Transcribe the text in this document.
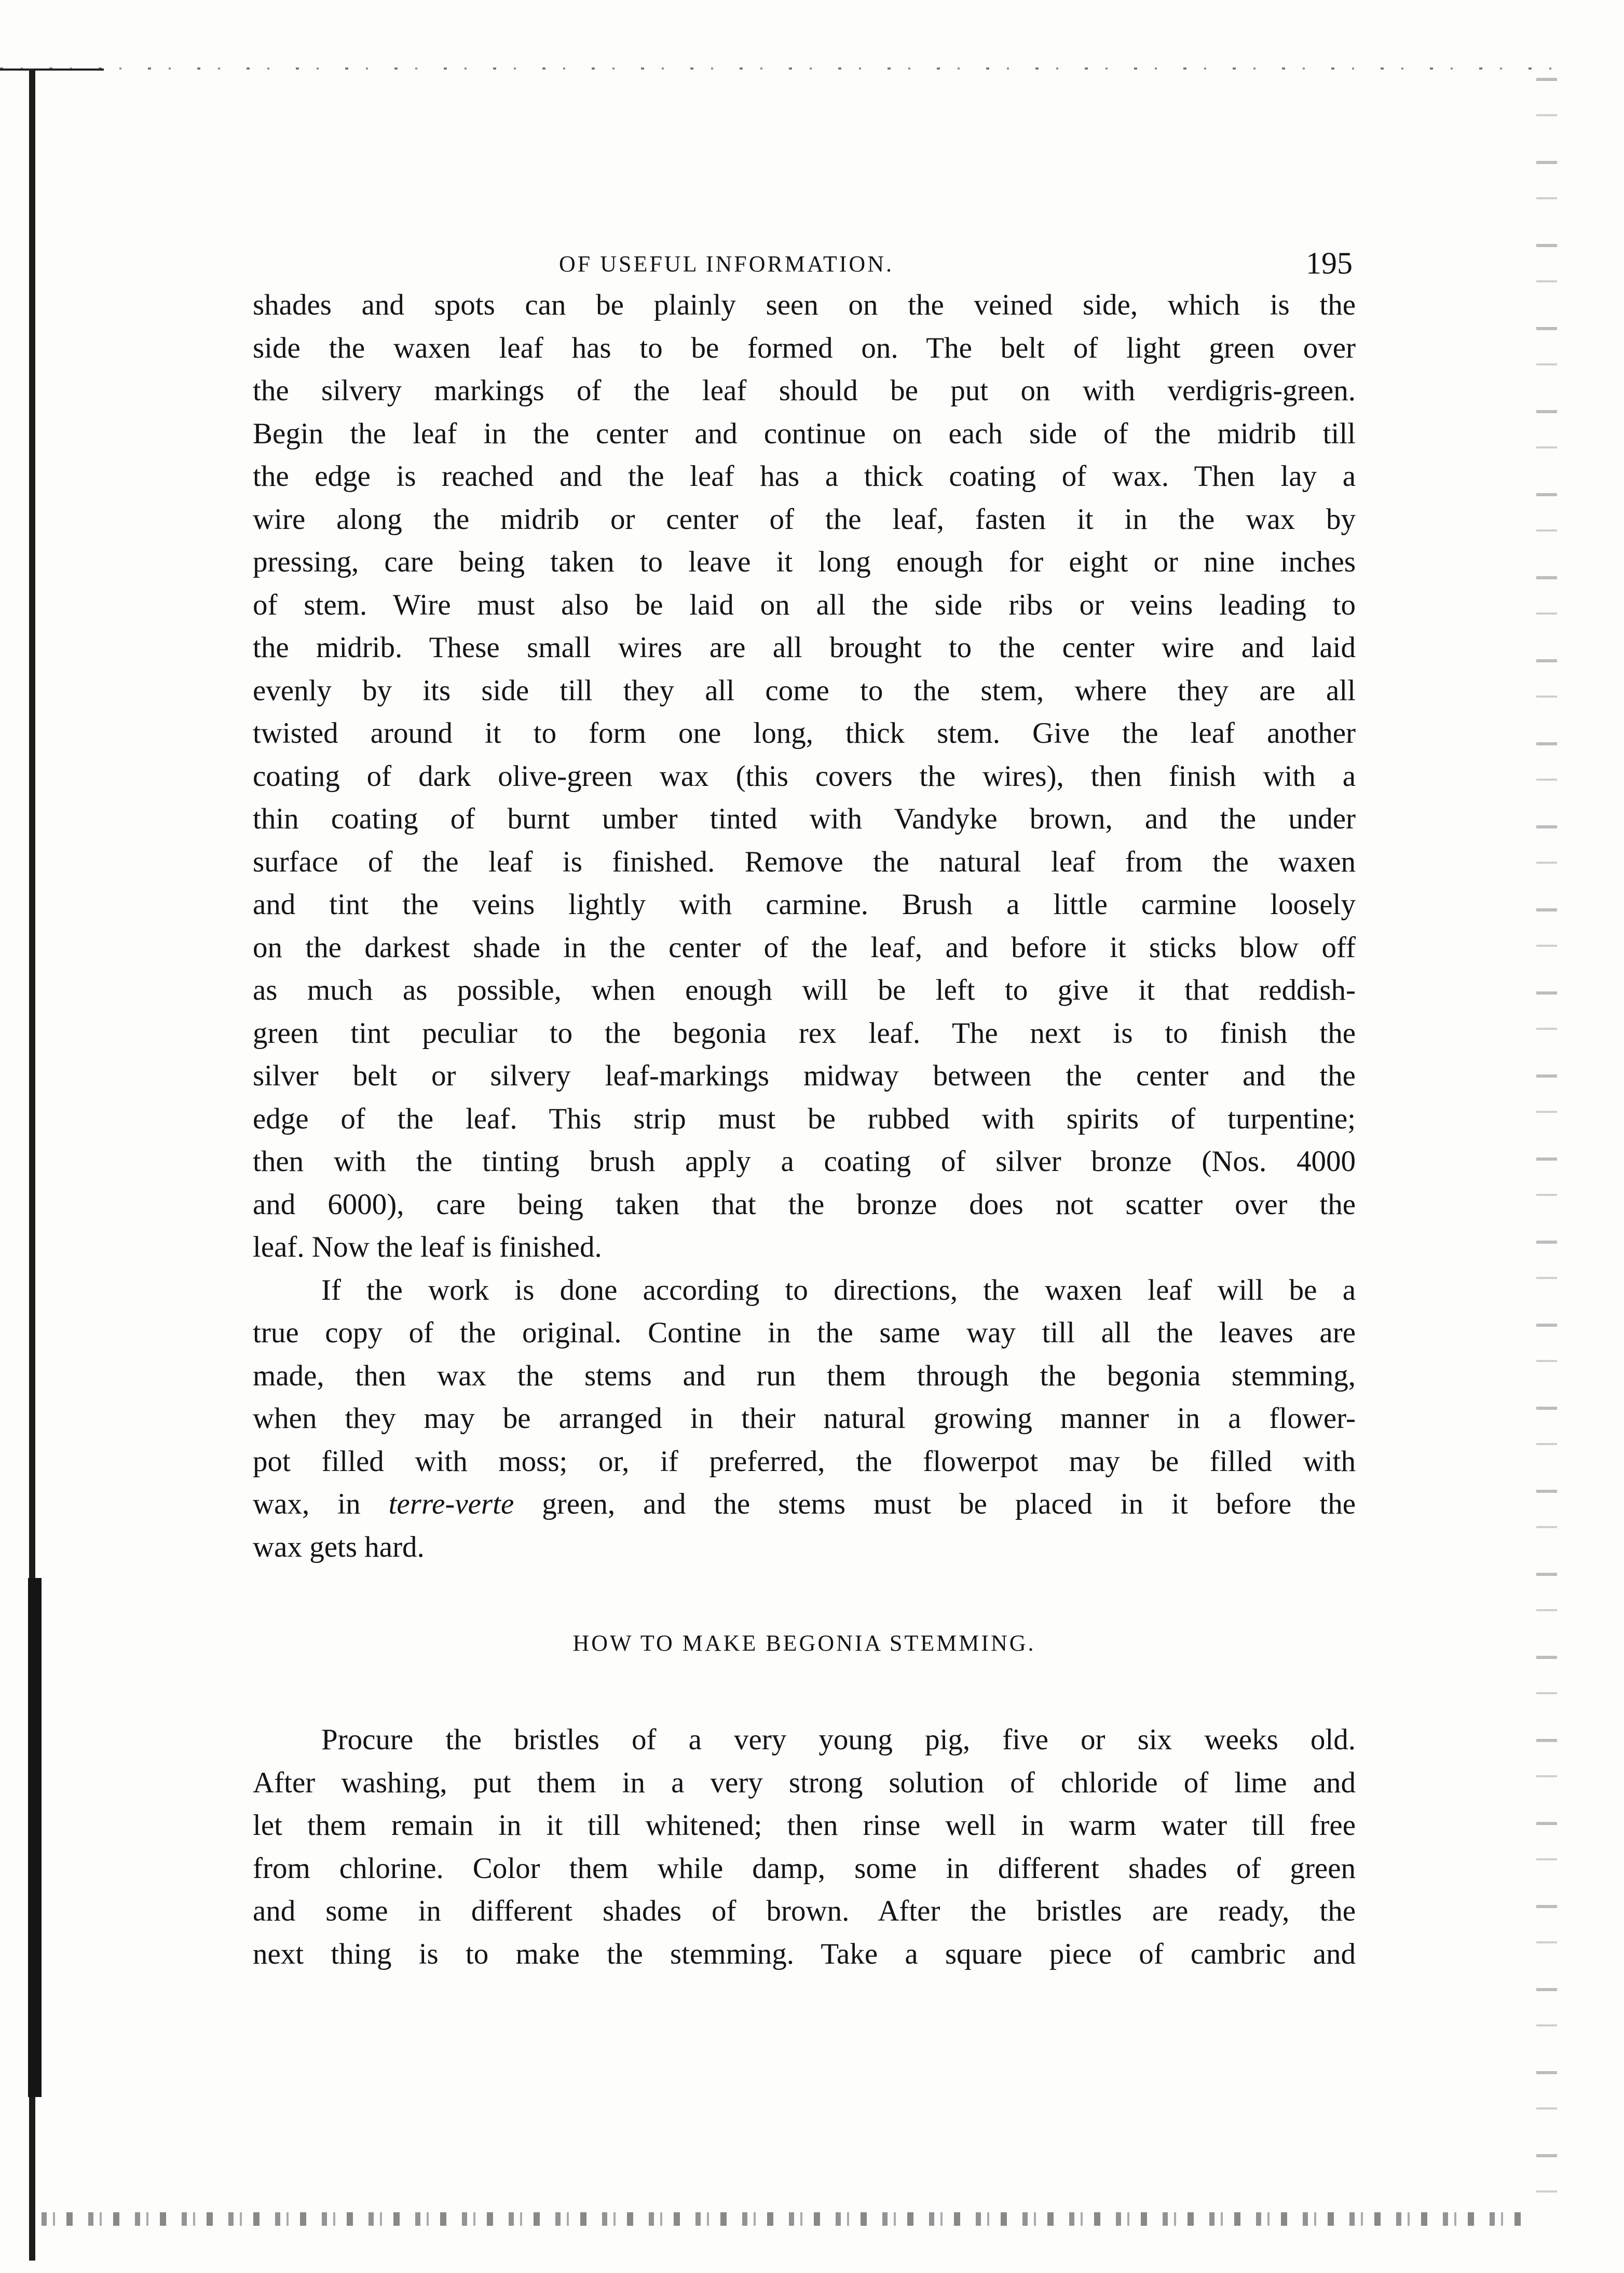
OF USEFUL INFORMATION.	195
shades and spots can be plainly seen on the veined side, which is the
side the waxen leaf has to be formed on. The belt of light green over
the silvery markings of the leaf should be put on with verdigris-green.
Begin the leaf in the center and continue on each side of the midrib till
the edge is reached and the leaf has a thick coating of wax. Then lay a
wire along the midrib or center of the leaf, fasten it in the wax by
pressing, care being taken to leave it long enough for eight or nine inches
of stem. Wire must also be laid on all the side ribs or veins leading to
the midrib. These small wires are all brought to the center wire and laid
evenly by its side till they all come to the stem, where they are all
twisted around it to form one long, thick stem. Give the leaf another
coating of dark olive-green wax (this covers the wires), then finish with a
thin coating of burnt umber tinted with Vandyke brown, and the under
surface of the leaf is finished. Remove the natural leaf from the waxen
and tint the veins lightly with carmine. Brush a little carmine loosely
on the darkest shade in the center of the leaf, and before it sticks blow off
as much as possible, when enough will be left to give it that reddish-
green tint peculiar to the begonia rex leaf. The next is to finish the
silver belt or silvery leaf-markings midway between the center and the
edge of the leaf. This strip must be rubbed with spirits of turpentine;
then with the tinting brush apply a coating of silver bronze (Nos. 4000
and 6000), care being taken that the bronze does not scatter over the
leaf. Now the leaf is finished.
If the work is done according to directions, the waxen leaf will be a
true copy of the original. Contine in the same way till all the leaves are
made, then wax the stems and run them through the begonia stemming,
when they may be arranged in their natural growing manner in a flower-
pot filled with moss; or, if preferred, the flowerpot may be filled with
wax, in terre-verte green, and the stems must be placed in it before the
wax gets hard.
HOW TO MAKE BEGONIA STEMMING.
Procure the bristles of a very young pig, five or six weeks old.
After washing, put them in a very strong solution of chloride of lime and
let them remain in it till whitened; then rinse well in warm water till free
from chlorine. Color them while damp, some in different shades of green
and some in different shades of brown. After the bristles are ready, the
next thing is to make the stemming. Take a square piece of cambric and
